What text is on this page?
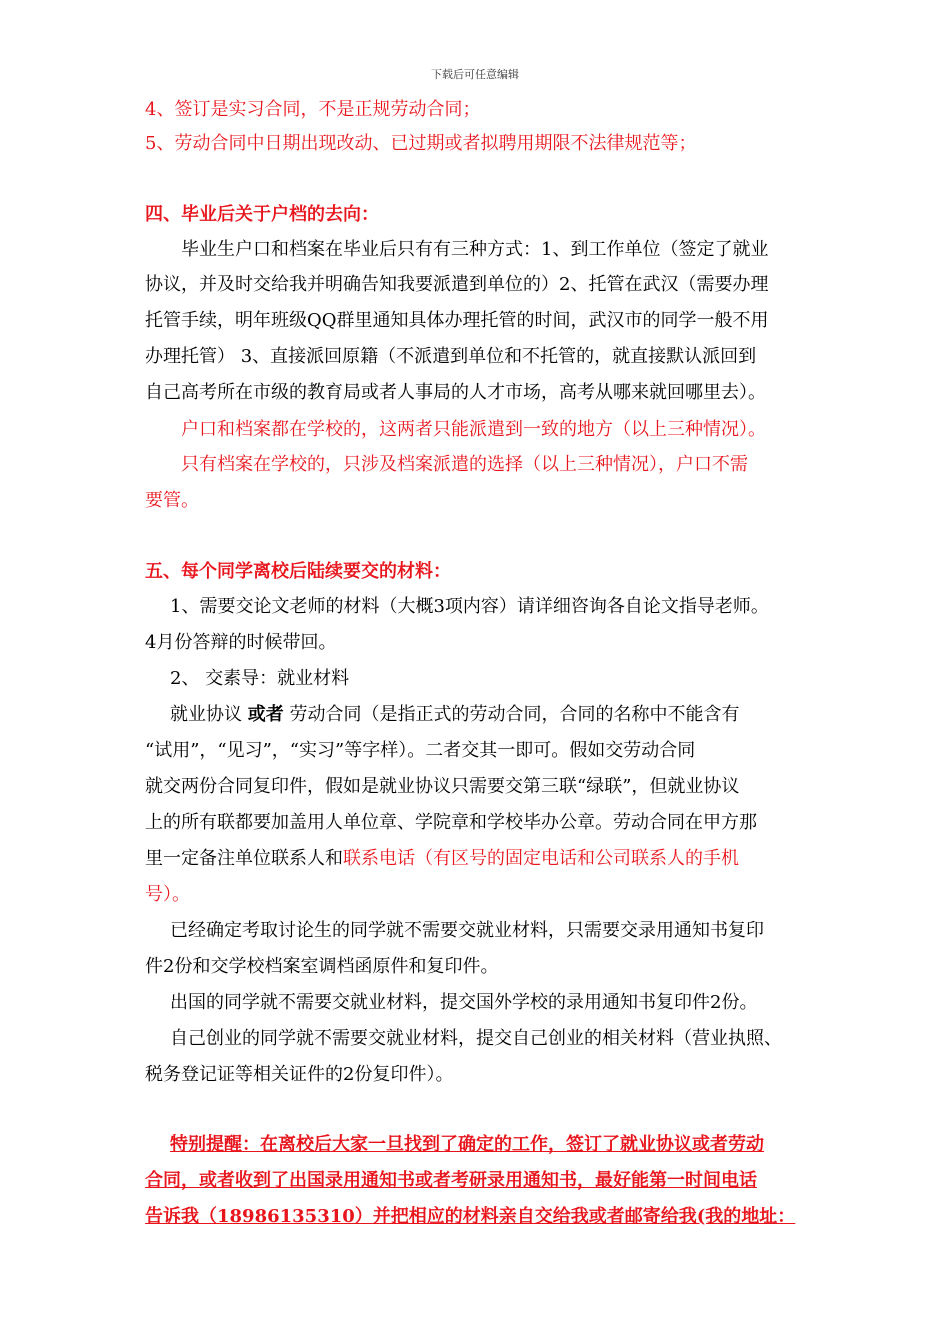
下载后可任意编辑
4、签订是实习合同，不是正规劳动合同；
5、劳动合同中日期出现改动、已过期或者拟聘用期限不法律规范等；
四、毕业后关于户档的去向：
毕业生户口和档案在毕业后只有有三种方式：1、到工作单位（签定了就业
协议，并及时交给我并明确告知我要派遣到单位的）2、托管在武汉（需要办理
托管手续，明年班级QQ群里通知具体办理托管的时间，武汉市的同学一般不用
办理托管） 3、直接派回原籍（不派遣到单位和不托管的，就直接默认派回到
自己高考所在市级的教育局或者人事局的人才市场，高考从哪来就回哪里去）。
户口和档案都在学校的，这两者只能派遣到一致的地方（以上三种情况）。
只有档案在学校的，只涉及档案派遣的选择（以上三种情况），户口不需
要管。
五、每个同学离校后陆续要交的材料：
1、需要交论文老师的材料（大概3项内容）请详细咨询各自论文指导老师。
4月份答辩的时候带回。
2、 交素导：就业材料
就业协议 或者 劳动合同（是指正式的劳动合同，合同的名称中不能含有
“试用”，“见习”，“实习”等字样）。二者交其一即可。假如交劳动合同
就交两份合同复印件，假如是就业协议只需要交第三联“绿联”，但就业协议
上的所有联都要加盖用人单位章、学院章和学校毕办公章。劳动合同在甲方那
里一定备注单位联系人和联系电话（有区号的固定电话和公司联系人的手机
号）。
已经确定考取讨论生的同学就不需要交就业材料，只需要交录用通知书复印
件2份和交学校档案室调档函原件和复印件。
出国的同学就不需要交就业材料，提交国外学校的录用通知书复印件2份。
自己创业的同学就不需要交就业材料，提交自己创业的相关材料（营业执照、
税务登记证等相关证件的2份复印件）。
特别提醒：在离校后大家一旦找到了确定的工作，签订了就业协议或者劳动
合同，或者收到了出国录用通知书或者考研录用通知书，最好能第一时间电话
告诉我（18986135310）并把相应的材料亲自交给我或者邮寄给我(我的地址：
